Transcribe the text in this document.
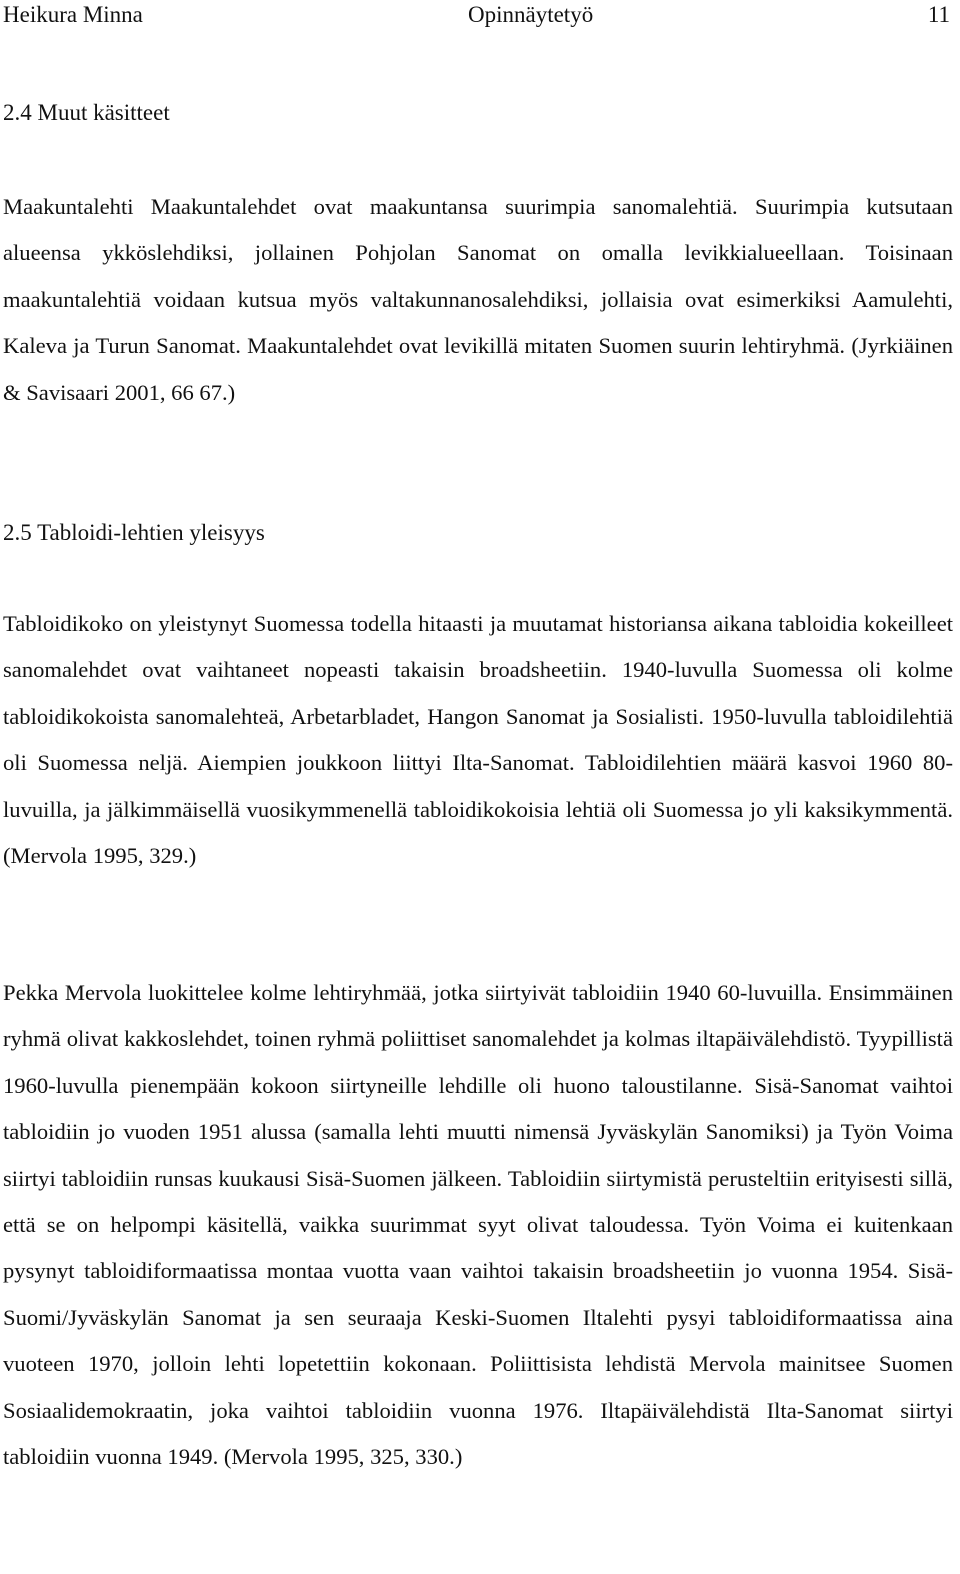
Heikura Minna	Opinnäytetyö	11
2.4 Muut käsitteet

Maakuntalehti Maakuntalehdet ovat maakuntansa suurimpia sanomalehtiä. Suurimpia kutsutaan alueensa ykköslehdiksi, jollainen Pohjolan Sanomat on omalla levikkialueellaan. Toisinaan maakuntalehtiä voidaan kutsua myös valtakunnanosalehdiksi, jollaisia ovat esimerkiksi Aamulehti, Kaleva ja Turun Sanomat. Maakuntalehdet ovat levikillä mitaten Suomen suurin lehtiryhmä. (Jyrkiäinen & Savisaari 2001, 66 67.)

2.5 Tabloidi-lehtien yleisyys

Tabloidikoko on yleistynyt Suomessa todella hitaasti ja muutamat historiansa aikana tabloidia kokeilleet sanomalehdet ovat vaihtaneet nopeasti takaisin broadsheetiin. 1940-luvulla Suomessa oli kolme tabloidikokoista sanomalehteä, Arbetarbladet, Hangon Sanomat ja Sosialisti. 1950-luvulla tabloidilehtiä oli Suomessa neljä. Aiempien joukkoon liittyi Ilta-Sanomat. Tabloidilehtien määrä kasvoi 1960 80-luvuilla, ja jälkimmäisellä vuosikymmenellä tabloidikokoisia lehtiä oli Suomessa jo yli kaksikymmentä. (Mervola 1995, 329.)

Pekka Mervola luokittelee kolme lehtiryhmää, jotka siirtyivät tabloidiin 1940 60-luvuilla. Ensimmäinen ryhmä olivat kakkoslehdet, toinen ryhmä poliittiset sanomalehdet ja kolmas iltapäivälehdistö. Tyypillistä 1960-luvulla pienempään kokoon siirtyneille lehdille oli huono taloustilanne. Sisä-Sanomat vaihtoi tabloidiin jo vuoden 1951 alussa (samalla lehti muutti nimensä Jyväskylän Sanomiksi) ja Työn Voima siirtyi tabloidiin runsas kuukausi Sisä-Suomen jälkeen. Tabloidiin siirtymistä perusteltiin erityisesti sillä, että se on helpompi käsitellä, vaikka suurimmat syyt olivat taloudessa. Työn Voima ei kuitenkaan pysynyt tabloidiformaatissa montaa vuotta vaan vaihtoi takaisin broadsheetiin jo vuonna 1954. Sisä-Suomi/Jyväskylän Sanomat ja sen seuraaja Keski-Suomen Iltalehti pysyi tabloidiformaatissa aina vuoteen 1970, jolloin lehti lopetettiin kokonaan. Poliittisista lehdistä Mervola mainitsee Suomen Sosiaalidemokraatin, joka vaihtoi tabloidiin vuonna 1976. Iltapäivälehdistä Ilta-Sanomat siirtyi tabloidiin vuonna 1949. (Mervola 1995, 325, 330.)
